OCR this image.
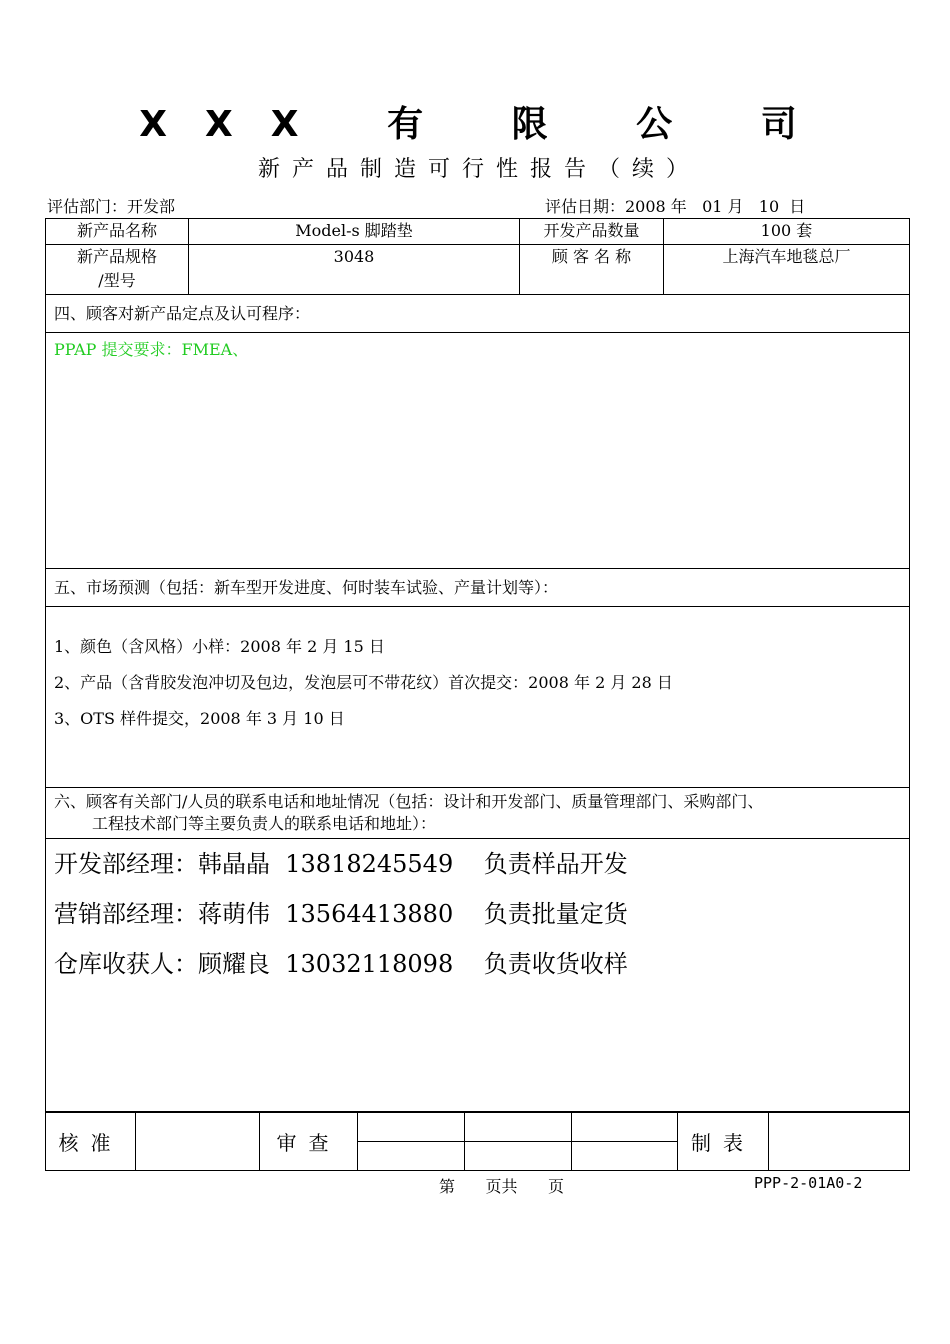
XXX 有 限 公 司
新产品制造可行性报告（续）
评估部门：开发部	评估日期：2008 年   01 月   10  日
新产品名称	Model-s 脚踏垫	开发产品数量	100 套

新产品规格
/型号	3048	顾 客 名 称	上海汽车地毯总厂
四、顾客对新产品定点及认可程序：			

PPAP 提交要求：FMEA、			

五、市场预测（包括：新车型开发进度、何时装车试验、产量计划等）：			

1、颜色（含风格）小样：2008 年 2 月 15 日
2、产品（含背胶发泡冲切及包边，发泡层可不带花纹）首次提交：2008 年 2 月 28 日
3、OTS 样件提交，2008 年 3 月 10 日			

六、顾客有关部门/人员的联系电话和地址情况（包括：设计和开发部门、质量管理部门、采购部门、
工程技术部门等主要负责人的联系电话和地址）：			

开发部经理：韩晶晶  13818245549    负责样品开发
营销部经理：蒋萌伟  13564413880    负责批量定货
仓库收获人：顾耀良  13032118098    负责收货收样			
核准		审查				制表	

第      页共      页	PPP-2-01A0-2
